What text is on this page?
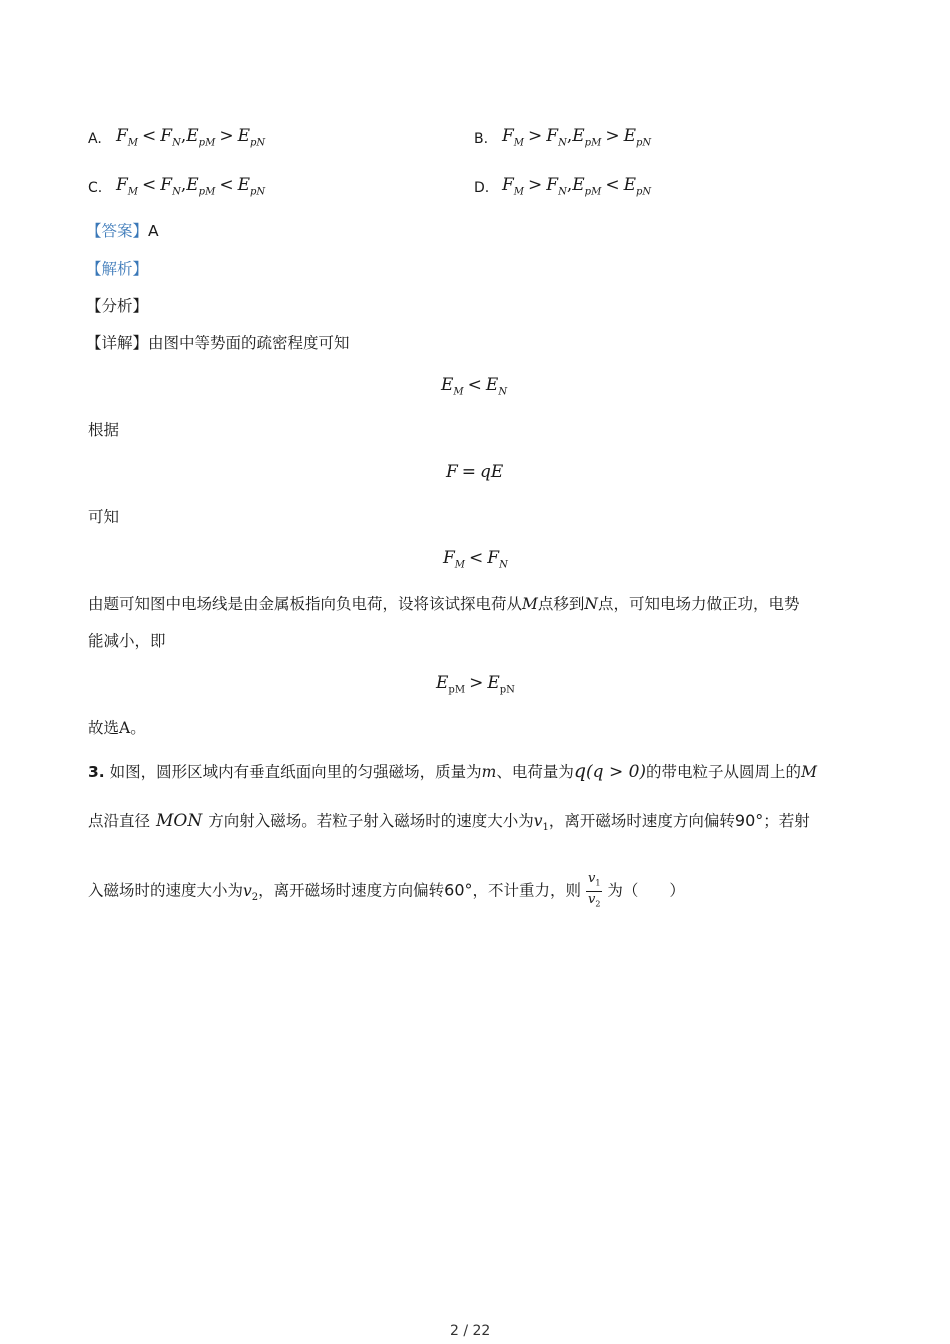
A. $F_M < F_N,E_{pM} > E_{pN}$	B. $F_M > F_N,E_{pM} > E_{pN}$
C. $F_M < F_N,E_{pM} < E_{pN}$	D. $F_M > F_N,E_{pM} < E_{pN}$
【答案】A
【解析】
【分析】
【详解】由图中等势面的疏密程度可知
$E_M < E_N$
根据
F = qE
可知
$F_M < F_N$
由题可知图中电场线是由金属板指向负电荷，设将该试探电荷从M点移到N点，可知电场力做正功，电势
能减小，即
$E_{pM} > E_{pN}$
故选A。
3. 如图，圆形区域内有垂直纸面向里的匀强磁场，质量为m、电荷量为q(q > 0)的带电粒子从圆周上的M
点沿直径 MON 方向射入磁场。若粒子射入磁场时的速度大小为$v_1$，离开磁场时速度方向偏转90°；若射
入磁场时的速度大小为$v_2$，离开磁场时速度方向偏转60°，不计重力，则 $\frac{v_1}{v_2}$ 为（　　）
2 / 22
